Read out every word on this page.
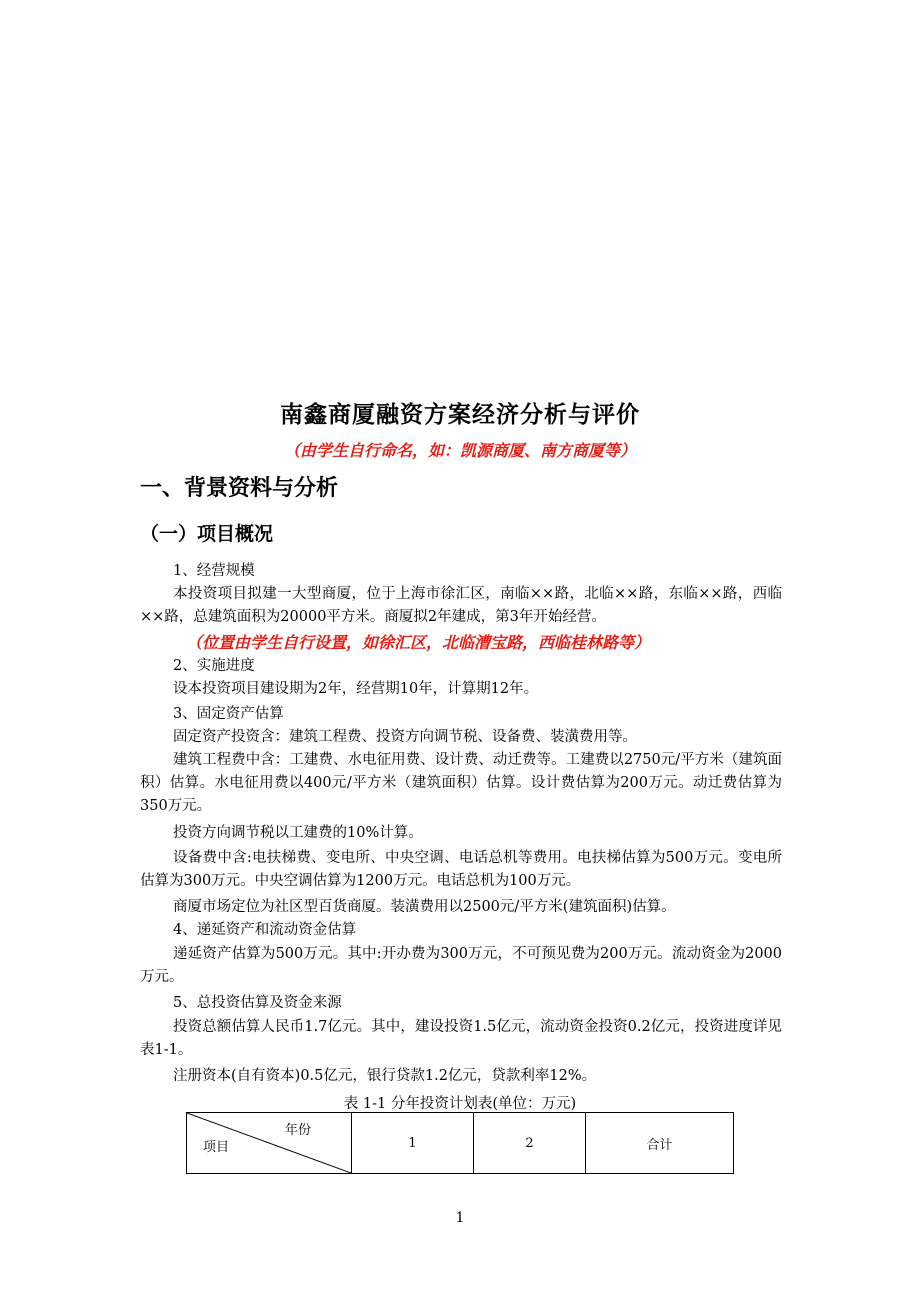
南鑫商厦融资方案经济分析与评价
（由学生自行命名，如：凯源商厦、南方商厦等）
一、背景资料与分析
（一）项目概况
1、经营规模
本投资项目拟建一大型商厦，位于上海市徐汇区，南临××路，北临××路，东临××路，西临××路，总建筑面积为20000平方米。商厦拟2年建成，第3年开始经营。
（位置由学生自行设置，如徐汇区，北临漕宝路，西临桂林路等）
2、实施进度
设本投资项目建设期为2年，经营期10年，计算期12年。
3、固定资产估算
固定资产投资含：建筑工程费、投资方向调节税、设备费、装潢费用等。
建筑工程费中含：工建费、水电征用费、设计费、动迁费等。工建费以2750元/平方米（建筑面积）估算。水电征用费以400元/平方米（建筑面积）估算。设计费估算为200万元。动迁费估算为350万元。
投资方向调节税以工建费的10%计算。
设备费中含:电扶梯费、变电所、中央空调、电话总机等费用。电扶梯估算为500万元。变电所估算为300万元。中央空调估算为1200万元。电话总机为100万元。
商厦市场定位为社区型百货商厦。装潢费用以2500元/平方米(建筑面积)估算。
4、递延资产和流动资金估算
递延资产估算为500万元。其中:开办费为300万元，不可预见费为200万元。流动资金为2000万元。
5、总投资估算及资金来源
投资总额估算人民币1.7亿元。其中，建设投资1.5亿元，流动资金投资0.2亿元，投资进度详见表1-1。
注册资本(自有资本)0.5亿元，银行贷款1.2亿元，贷款利率12%。
表 1-1 分年投资计划表(单位：万元)
年份
项目	1	2	合计
1
